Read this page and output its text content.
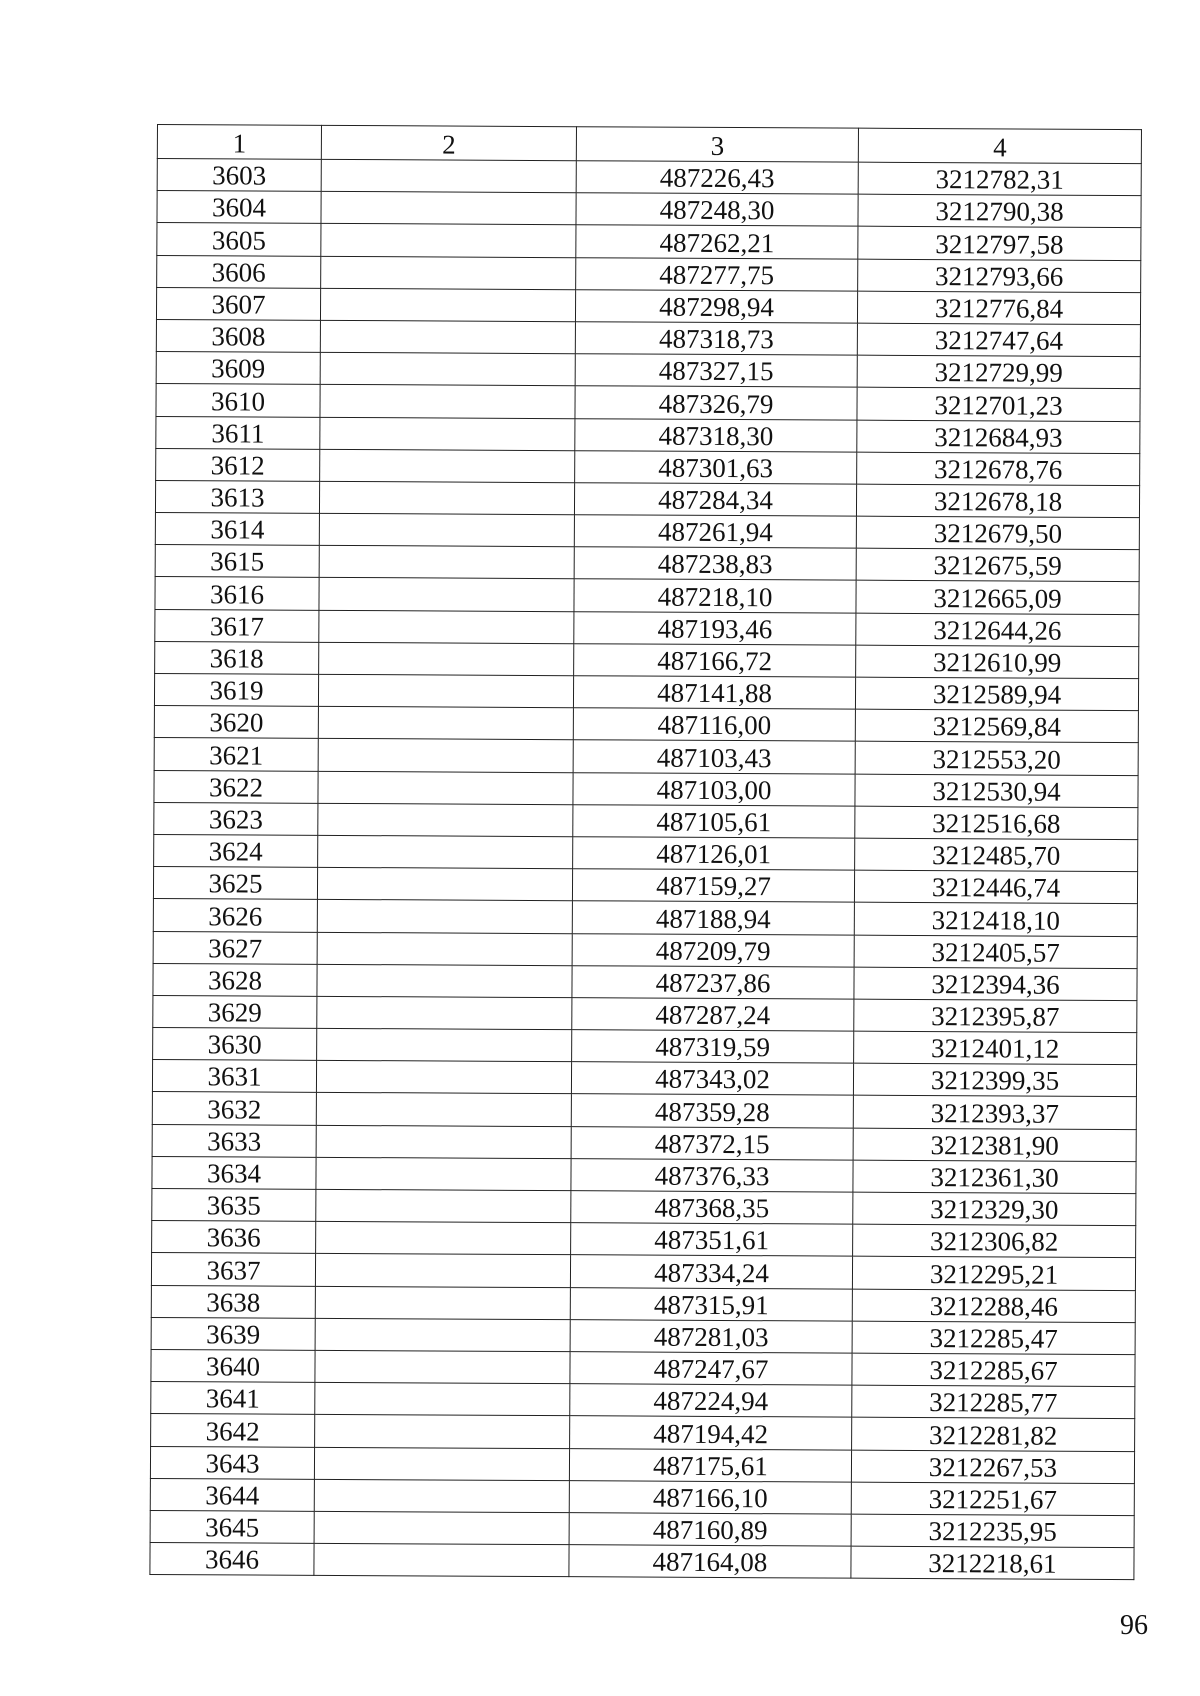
1	2	3	4
3603		487226,43	3212782,31
3604		487248,30	3212790,38
3605		487262,21	3212797,58
3606		487277,75	3212793,66
3607		487298,94	3212776,84
3608		487318,73	3212747,64
3609		487327,15	3212729,99
3610		487326,79	3212701,23
3611		487318,30	3212684,93
3612		487301,63	3212678,76
3613		487284,34	3212678,18
3614		487261,94	3212679,50
3615		487238,83	3212675,59
3616		487218,10	3212665,09
3617		487193,46	3212644,26
3618		487166,72	3212610,99
3619		487141,88	3212589,94
3620		487116,00	3212569,84
3621		487103,43	3212553,20
3622		487103,00	3212530,94
3623		487105,61	3212516,68
3624		487126,01	3212485,70
3625		487159,27	3212446,74
3626		487188,94	3212418,10
3627		487209,79	3212405,57
3628		487237,86	3212394,36
3629		487287,24	3212395,87
3630		487319,59	3212401,12
3631		487343,02	3212399,35
3632		487359,28	3212393,37
3633		487372,15	3212381,90
3634		487376,33	3212361,30
3635		487368,35	3212329,30
3636		487351,61	3212306,82
3637		487334,24	3212295,21
3638		487315,91	3212288,46
3639		487281,03	3212285,47
3640		487247,67	3212285,67
3641		487224,94	3212285,77
3642		487194,42	3212281,82
3643		487175,61	3212267,53
3644		487166,10	3212251,67
3645		487160,89	3212235,95
3646		487164,08	3212218,61
96
